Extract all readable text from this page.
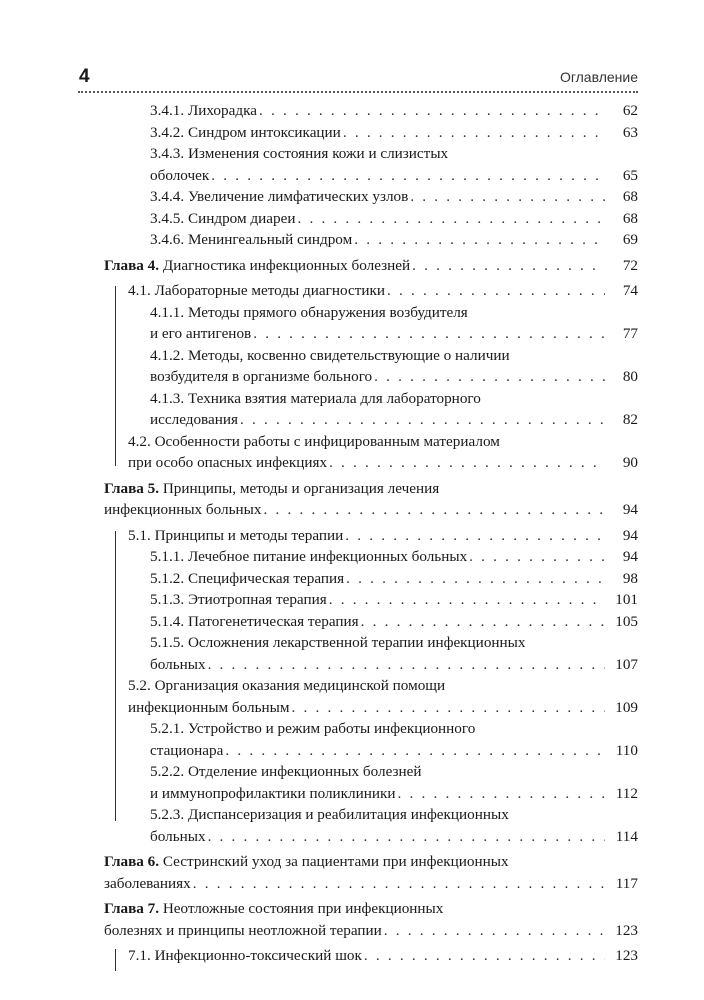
4	Оглавление
3.4.1. Лихорадка . . .	62
3.4.2. Синдром интоксикации . . .	63
3.4.3. Изменения состояния кожи и слизистых
оболочек . . .	65
3.4.4. Увеличение лимфатических узлов . . .	68
3.4.5. Синдром диареи . . .	68
3.4.6. Менингеальный синдром . . .	69
Глава 4. Диагностика инфекционных болезней . . .	72
4.1. Лабораторные методы диагностики . . .	74
4.1.1. Методы прямого обнаружения возбудителя
и его антигенов . . .	77
4.1.2. Методы, косвенно свидетельствующие о наличии
возбудителя в организме больного . . .	80
4.1.3. Техника взятия материала для лабораторного
исследования . . .	82
4.2. Особенности работы с инфицированным материалом
при особо опасных инфекциях . . .	90
Глава 5. Принципы, методы и организация лечения
инфекционных больных . . .	94
5.1. Принципы и методы терапии . . .	94
5.1.1. Лечебное питание инфекционных больных . . .	94
5.1.2. Специфическая терапия . . .	98
5.1.3. Этиотропная терапия . . .	101
5.1.4. Патогенетическая терапия . . .	105
5.1.5. Осложнения лекарственной терапии инфекционных
больных . . .	107
5.2. Организация оказания медицинской помощи
инфекционным больным . . .	109
5.2.1. Устройство и режим работы инфекционного
стационара . . .	110
5.2.2. Отделение инфекционных болезней
и иммунопрофилактики поликлиники . . .	112
5.2.3. Диспансеризация и реабилитация инфекционных
больных . . .	114
Глава 6. Сестринский уход за пациентами при инфекционных
заболеваниях . . .	117
Глава 7. Неотложные состояния при инфекционных
болезнях и принципы неотложной терапии . . .	123
7.1. Инфекционно-токсический шок . . .	123
